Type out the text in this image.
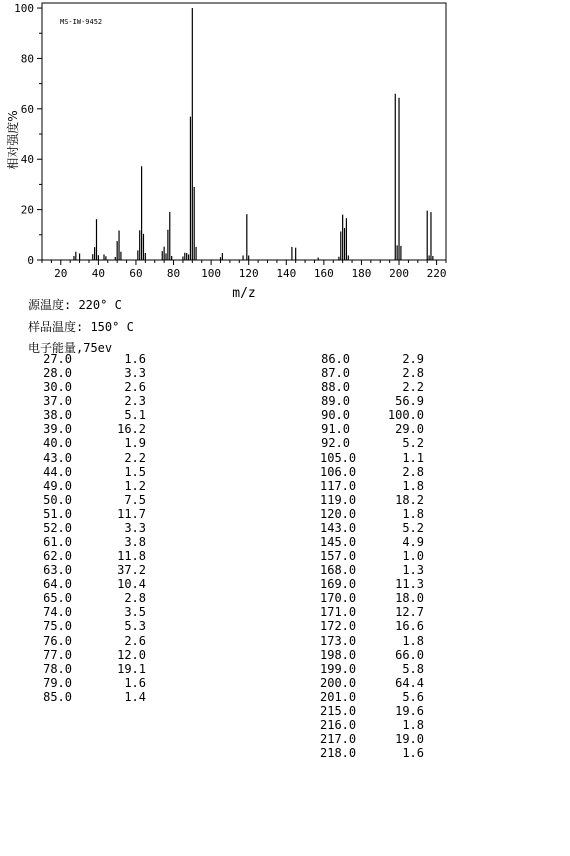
MS-IW-9452
20 40 60 80 100 120 140 160 180 200 220
0
20
40
60
80
100
m/z
相对强度%
源温度: 220° C
样品温度: 150° C
电子能量,75ev
27.0	1.6
28.0	3.3
30.0	2.6
37.0	2.3
38.0	5.1
39.0	16.2
40.0	1.9
43.0	2.2
44.0	1.5
49.0	1.2
50.0	7.5
51.0	11.7
52.0	3.3
61.0	3.8
62.0	11.8
63.0	37.2
64.0	10.4
65.0	2.8
74.0	3.5
75.0	5.3
76.0	2.6
77.0	12.0
78.0	19.1
79.0	1.6
85.0	1.4
86.0	2.9
87.0	2.8
88.0	2.2
89.0	56.9
90.0	100.0
91.0	29.0
92.0	5.2
105.0	1.1
106.0	2.8
117.0	1.8
119.0	18.2
120.0	1.8
143.0	5.2
145.0	4.9
157.0	1.0
168.0	1.3
169.0	11.3
170.0	18.0
171.0	12.7
172.0	16.6
173.0	1.8
198.0	66.0
199.0	5.8
200.0	64.4
201.0	5.6
215.0	19.6
216.0	1.8
217.0	19.0
218.0	1.6
